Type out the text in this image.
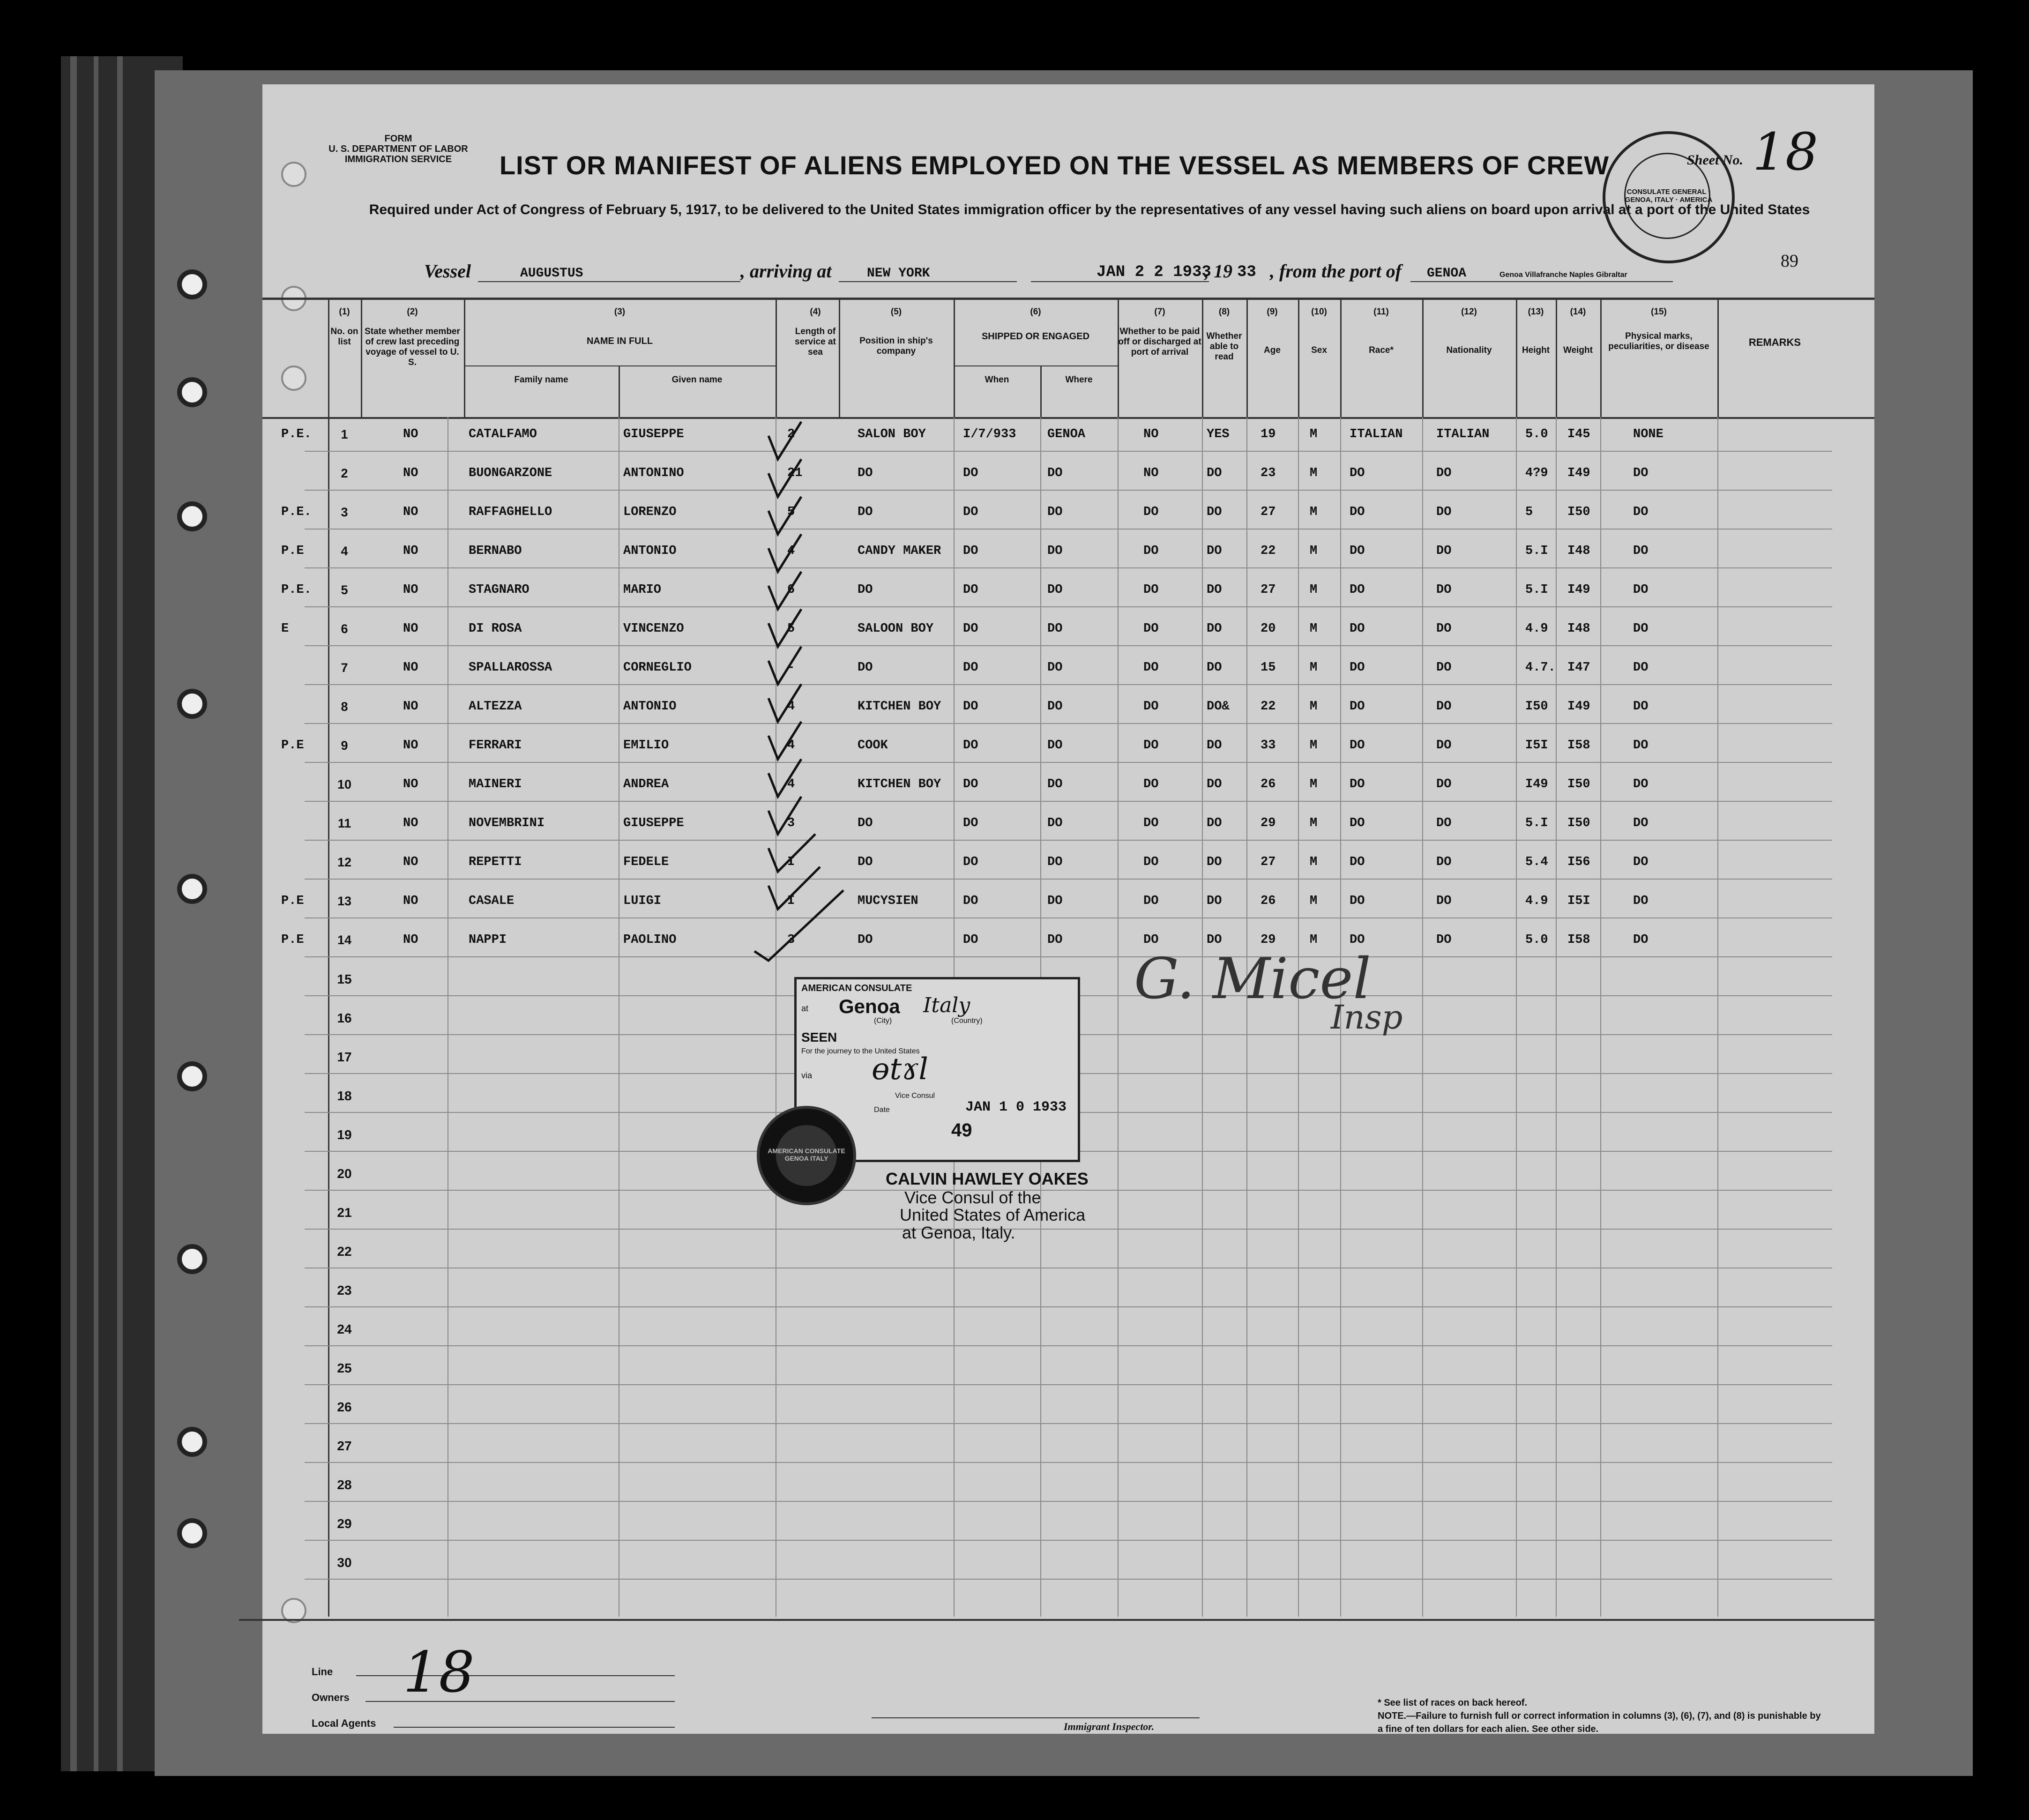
FORM
U. S. DEPARTMENT OF LABOR
IMMIGRATION SERVICE	LIST OR MANIFEST OF ALIENS EMPLOYED ON THE VESSEL AS MEMBERS OF CREW
Required under Act of Congress of February 5, 1917, to be delivered to the United States immigration officer by the representatives of any vessel having such aliens on board upon arrival at a port of the United States
CONSULATE GENERAL · GENOA, ITALY · AMERICA
Sheet No. 18
89
Vessel	AUGUSTUS	, arriving at	NEW YORK	JAN 2 2 1933
, 19 33 , from the port of GENOA	Genoa Villafranche Naples Gibraltar
(1)
No. on list
(2)
State whether member of crew last preceding voyage of vessel to U. S.
(3)
NAME IN FULL
Family name	Given name
(4)
Length of service at sea
(5)
Position in ship's company
(6)
SHIPPED OR ENGAGED
When	Where
(7)
Whether to be paid off or discharged at port of arrival
(8)
Whether able to read
(9)
Age
(10)
Sex
(11)
Race*
(12)
Nationality
(13)
Height
(14)
Weight
(15)
Physical marks, peculiarities, or disease	REMARKS
P.E.	1	NO	CATALFAMO	GIUSEPPE	2	SALON BOY	I/7/933 GENOA	NO	YES 19	M	ITALIAN	ITALIAN	5.0 I45	NONE
2	NO	BUONGARZONE	ANTONINO	21	DO	DO	DO	NO	DO	23	M	DO	DO	4?9 I49	DO
P.E.	3	NO	RAFFAGHELLO	LORENZO	5	DO	DO	DO	DO	DO	27	M	DO	DO	5	I50	DO
P.E	4	NO	BERNABO	ANTONIO	4	CANDY MAKER DO	DO	DO	DO	22	M	DO	DO	5.I I48	DO
P.E.	5	NO	STAGNARO	MARIO	6	DO	DO	DO	DO	DO	27	M	DO	DO	5.I I49	DO
E	6	NO	DI ROSA	VINCENZO	5	SALOON BOY DO	DO	DO	DO	20	M	DO	DO	4.9 I48	DO
7	NO	SPALLAROSSA	CORNEGLIO	-	DO	DO	DO	DO	DO	15	M	DO	DO	4.7. I47	DO
8	NO	ALTEZZA	ANTONIO	4	KITCHEN BOY DO	DO	DO	DO& 22	M	DO	DO	I50 I49	DO
P.E	9	NO	FERRARI	EMILIO	4	COOK	DO	DO	DO	DO	33	M	DO	DO	I5I I58	DO
10	NO	MAINERI	ANDREA	4	KITCHEN BOY DO	DO	DO	DO	26	M	DO	DO	I49 I50	DO
11	NO	NOVEMBRINI	GIUSEPPE	3	DO	DO	DO	DO	DO	29	M	DO	DO	5.I I50	DO
12	NO	REPETTI	FEDELE	I	DO	DO	DO	DO	DO	27	M	DO	DO	5.4 I56	DO
P.E	13	NO	CASALE	LUIGI	I	MUCYSIEN	DO	DO	DO	DO	26	M	DO	DO	4.9 I5I	DO
P.E	14	NO	NAPPI	PAOLINO	3	DO	DO	DO	DO	DO	29	M	DO	DO	5.0 I58	DO
15
16
17
18
19
20
21
22
23
24
25
26
27
28
29
30
AMERICAN CONSULATE
at Genoa Italy
(City)	(Country)
SEEN
For the journey to the United States
via ɵtɤl
Vice Consul
Date	JAN 1 0 1933
49
AMERICAN CONSULATE GENOA ITALY
CALVIN HAWLEY OAKES
Vice Consul of the
United States of America
at Genoa, Italy.
G. Micel
Insp
Line
Owners
Local Agents
18
Immigrant Inspector.
* See list of races on back hereof.
NOTE.—Failure to furnish full or correct information in columns (3), (6), (7), and (8) is punishable by a fine of ten dollars for each alien. See other side.
